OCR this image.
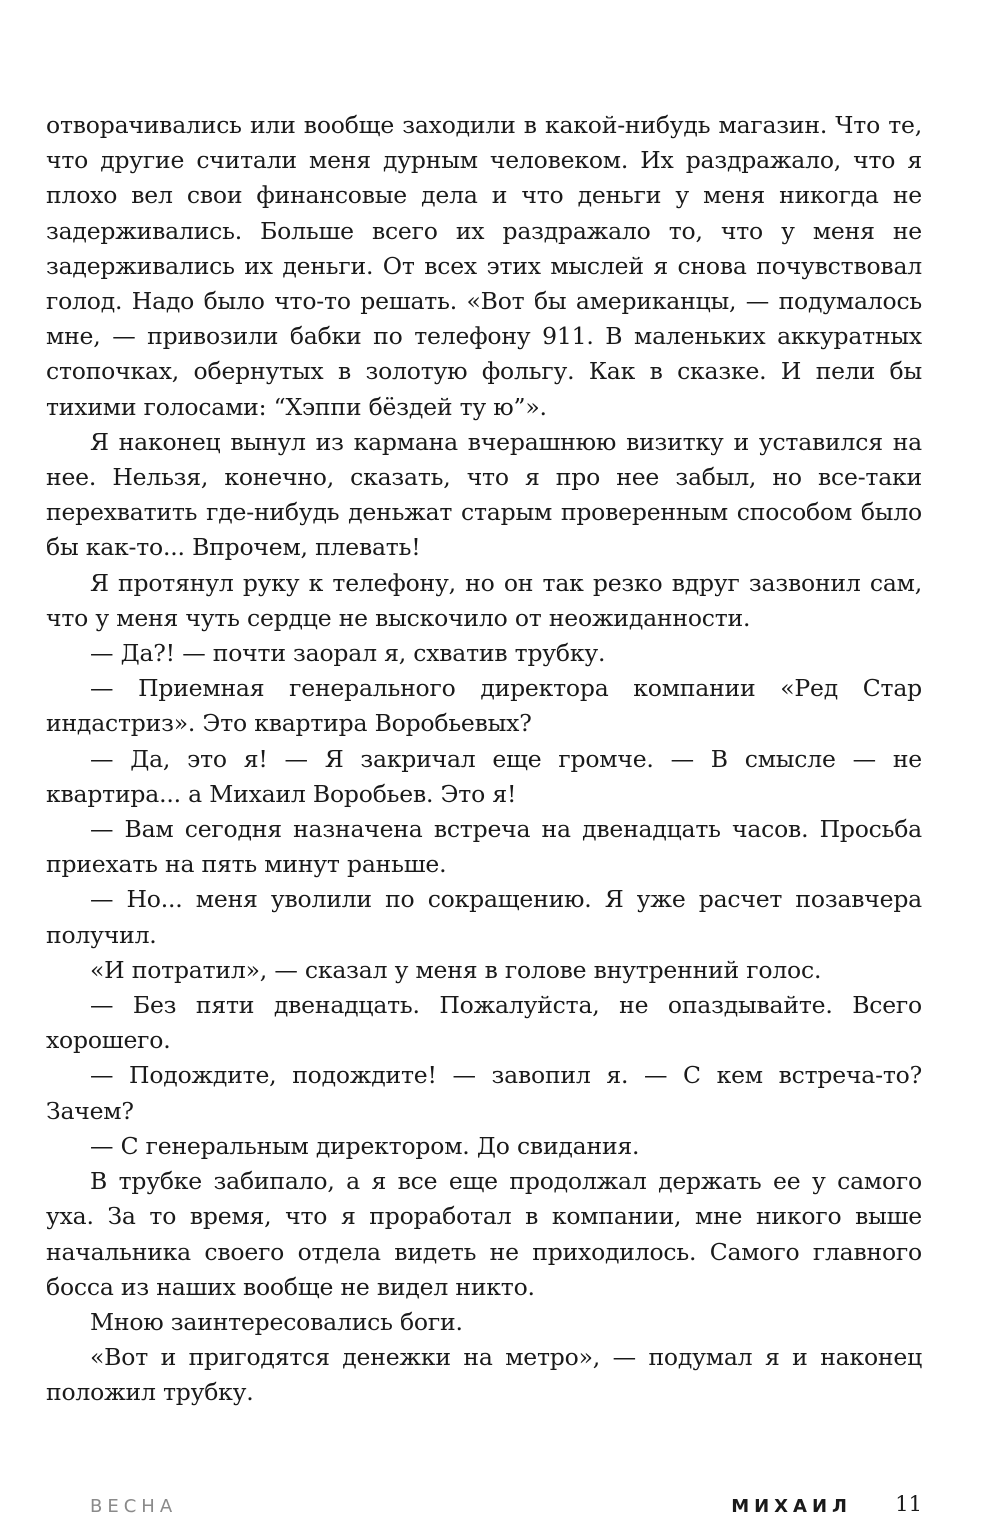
отворачивались или вообще заходили в какой-нибудь магазин. Что те, что другие считали меня дурным человеком. Их раздражало, что я плохо вел свои финансовые дела и что деньги у меня никогда не задерживались. Больше всего их раздражало то, что у меня не задерживались их деньги. От всех этих мыслей я снова почувствовал голод. Надо было что-то решать. «Вот бы американцы, — подумалось мне, — привозили бабки по телефону 911. В маленьких аккуратных стопочках, обернутых в золотую фольгу. Как в сказке. И пели бы тихими голосами: “Хэппи бёздей ту ю”».

Я наконец вынул из кармана вчерашнюю визитку и уставился на нее. Нельзя, конечно, сказать, что я про нее забыл, но все-таки перехватить где-нибудь деньжат старым проверенным способом было бы как-то... Впрочем, плевать!

Я протянул руку к телефону, но он так резко вдруг зазвонил сам, что у меня чуть сердце не выскочило от неожиданности.

— Да?! — почти заорал я, схватив трубку.

— Приемная генерального директора компании «Ред Стар индастриз». Это квартира Воробьевых?

— Да, это я! — Я закричал еще громче. — В смысле — не квартира... а Михаил Воробьев. Это я!

— Вам сегодня назначена встреча на двенадцать часов. Просьба приехать на пять минут раньше.

— Но... меня уволили по сокращению. Я уже расчет позавчера получил.

«И потратил», — сказал у меня в голове внутренний голос.

— Без пяти двенадцать. Пожалуйста, не опаздывайте. Всего хорошего.

— Подождите, подождите! — завопил я. — С кем встреча-то? Зачем?

— С генеральным директором. До свидания.

В трубке забипало, а я все еще продолжал держать ее у самого уха. За то время, что я проработал в компании, мне никого выше начальника своего отдела видеть не приходилось. Самого главного босса из наших вообще не видел никто.

Мною заинтересовались боги.

«Вот и пригодятся денежки на метро», — подумал я и наконец положил трубку.

ВЕСНА	МИХАИЛ 11
